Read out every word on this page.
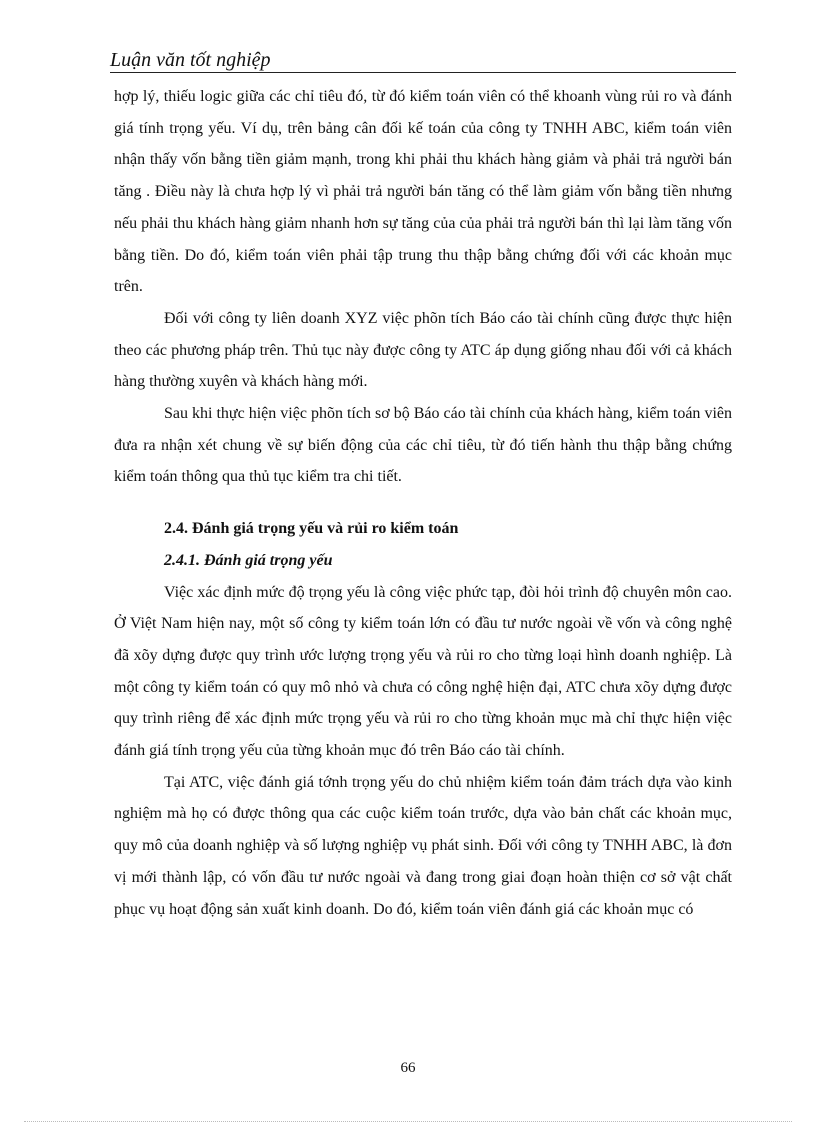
Luận văn tốt nghiệp

hợp lý, thiếu logic giữa các chỉ tiêu đó, từ đó kiểm toán viên có thể khoanh vùng rủi ro và đánh giá tính trọng yếu. Ví dụ, trên bảng cân đối kế toán của công ty TNHH ABC, kiểm toán viên nhận thấy vốn bằng tiền giảm mạnh, trong khi phải thu khách hàng giảm và phải trả người bán tăng . Điều này là chưa hợp lý vì phải trả người bán tăng có thể làm giảm vốn bằng tiền nhưng nếu phải thu khách hàng giảm nhanh hơn sự tăng của của phải trả người bán thì lại làm tăng vốn bằng tiền. Do đó, kiểm toán viên phải tập trung thu thập bằng chứng đối với các khoản mục trên.

Đối với công ty liên doanh XYZ việc phõn tích Báo cáo tài chính cũng được thực hiện theo các phương pháp trên. Thủ tục này được công ty ATC áp dụng giống nhau đối với cả khách hàng thường xuyên và khách hàng mới.

Sau khi thực hiện việc phõn tích sơ bộ Báo cáo tài chính của khách hàng, kiểm toán viên đưa ra nhận xét chung về sự biến động của các chỉ tiêu, từ đó tiến hành thu thập bằng chứng kiểm toán thông qua thủ tục kiểm tra chi tiết.

2.4. Đánh giá trọng yếu và rủi ro kiểm toán

2.4.1. Đánh giá trọng yếu

Việc xác định mức độ trọng yếu là công việc phức tạp, đòi hỏi trình độ chuyên môn cao. Ở Việt Nam hiện nay, một số công ty kiểm toán lớn có đầu tư nước ngoài về vốn và công nghệ đã xõy dựng được quy trình ước lượng trọng yếu và rủi ro cho từng loại hình doanh nghiệp. Là một công ty kiểm toán có quy mô nhỏ và chưa có công nghệ hiện đại, ATC chưa xõy dựng được quy trình riêng để xác định mức trọng yếu và rủi ro cho từng khoản mục mà chỉ thực hiện việc đánh giá tính trọng yếu của từng khoản mục đó trên Báo cáo tài chính.

Tại ATC, việc đánh giá tớnh trọng yếu do chủ nhiệm kiểm toán đảm trách dựa vào kinh nghiệm mà họ có được thông qua các cuộc kiểm toán trước, dựa vào bản chất các khoản mục, quy mô của doanh nghiệp và số lượng nghiệp vụ phát sinh. Đối với công ty TNHH ABC, là đơn vị mới thành lập, có vốn đầu tư nước ngoài và đang trong giai đoạn hoàn thiện cơ sở vật chất phục vụ hoạt động sản xuất kinh doanh. Do đó, kiểm toán viên đánh giá các khoản mục có

66
